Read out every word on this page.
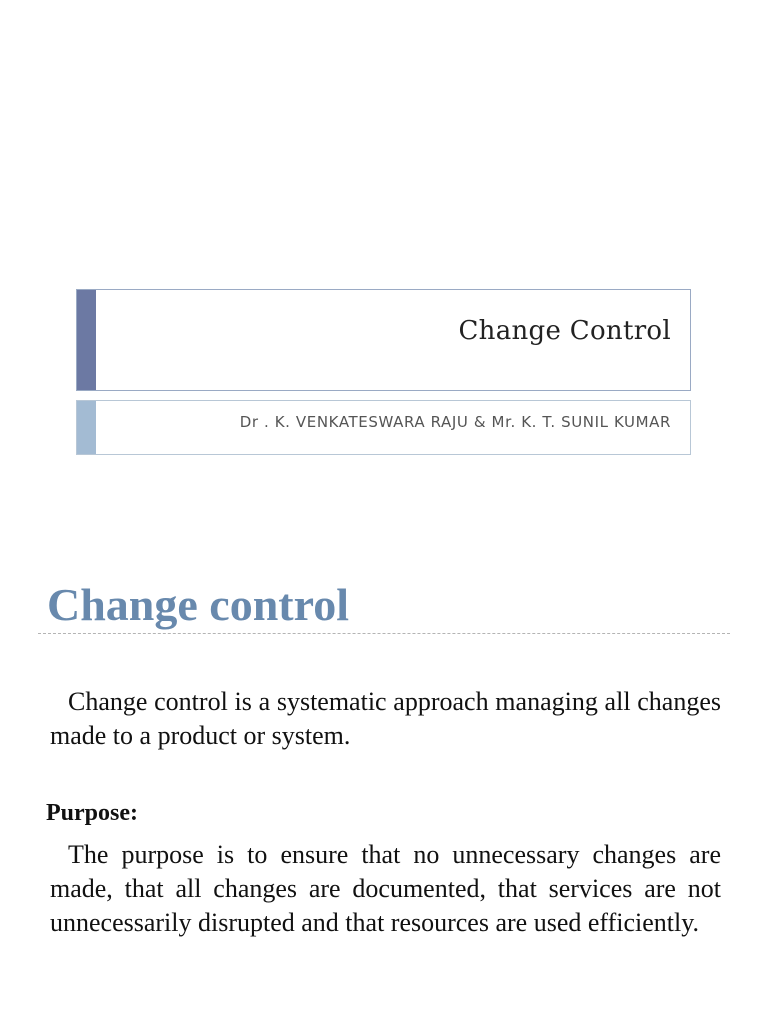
Change Control
Dr . K. VENKATESWARA RAJU & Mr. K. T. SUNIL KUMAR
Change control

Change control is a systematic approach managing all changes made to a product or system.

Purpose:

The purpose is to ensure that no unnecessary changes are made, that all changes are documented, that services are not unnecessarily disrupted and that resources are used efficiently.
